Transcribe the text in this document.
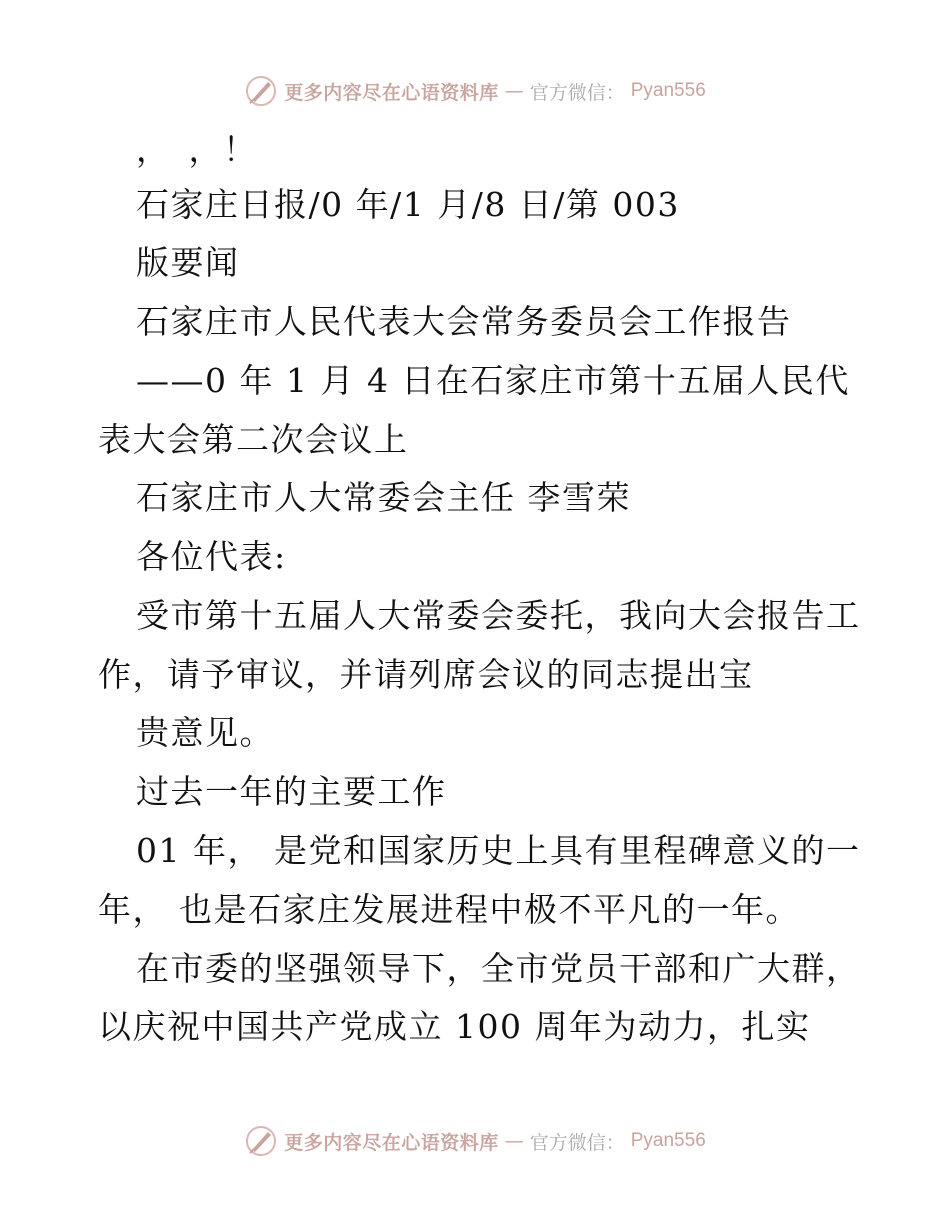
更多内容尽在心语资料库 — 官方微信： Pyan556
，　，！
石家庄日报/0 年/1 月/8 日/第 003
版要闻
石家庄市人民代表大会常务委员会工作报告
——0 年 1 月 4 日在石家庄市第十五届人民代
表大会第二次会议上
石家庄市人大常委会主任 李雪荣
各位代表:
受市第十五届人大常委会委托，我向大会报告工
作，请予审议，并请列席会议的同志提出宝
贵意见。
过去一年的主要工作
01 年， 是党和国家历史上具有里程碑意义的一
年， 也是石家庄发展进程中极不平凡的一年。
在市委的坚强领导下，全市党员干部和广大群，
以庆祝中国共产党成立 100 周年为动力，扎实
更多内容尽在心语资料库 — 官方微信： Pyan556
